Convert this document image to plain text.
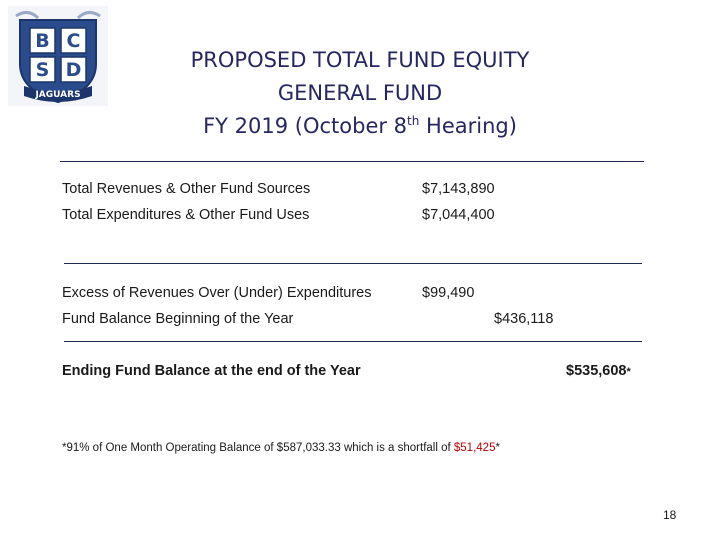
B C
S D
JAGUARS
PROPOSED TOTAL FUND EQUITY
GENERAL FUND
FY 2019 (October 8th Hearing)
Total Revenues & Other Fund Sources	$7,143,890
Total Expenditures & Other Fund Uses	$7,044,400
Excess of Revenues Over (Under) Expenditures	$99,490
Fund Balance Beginning of the Year	$436,118
Ending Fund Balance at the end of the Year	$535,608*
*91% of One Month Operating Balance of $587,033.33 which is a shortfall of $51,425*
18
